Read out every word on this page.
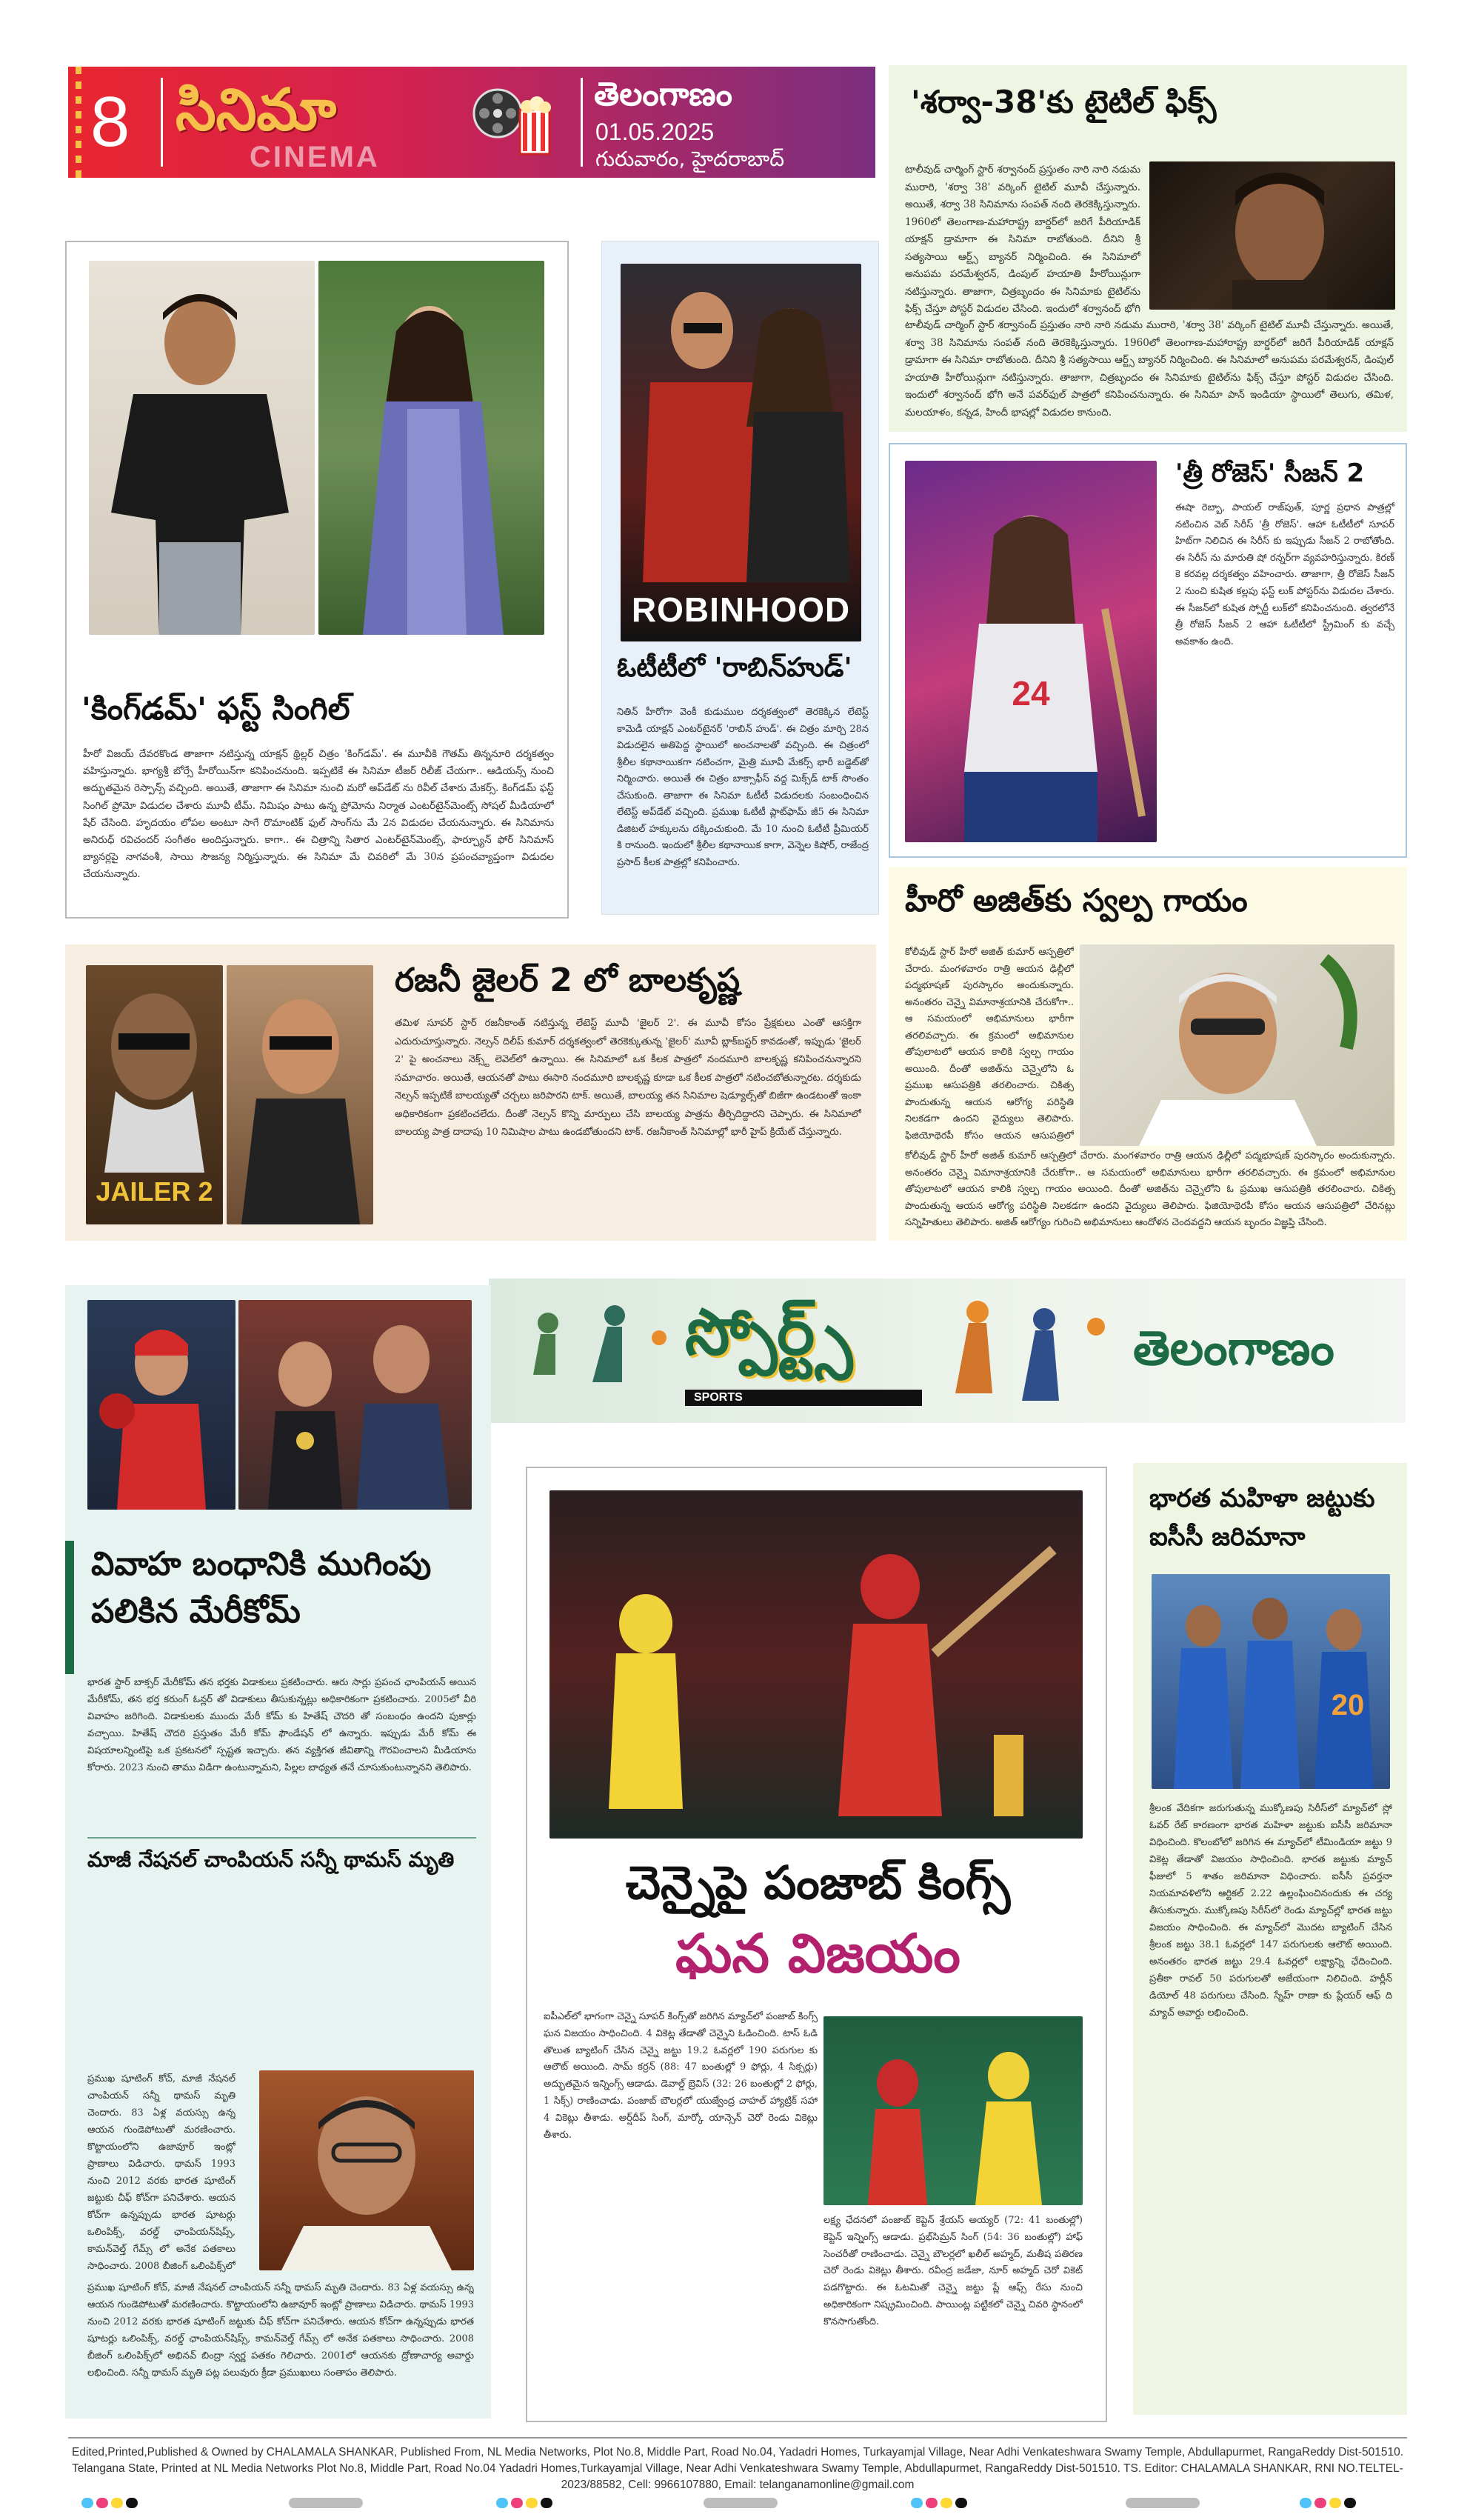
8 సినిమా
CINEMA
తెలంగాణం
01.05.2025
గురువారం, హైదరాబాద్
'శర్వా-38'కు టైటిల్ ఫిక్స్
టాలీవుడ్ చార్మింగ్ స్టార్ శర్వానంద్ ప్రస్తుతం నారి నారి నడుమ మురారి, 'శర్వా 38' వర్కింగ్ టైటిల్ మూవీ చేస్తున్నారు. అయితే, శర్వా 38 సినిమాను సంపత్ నంది తెరకెక్కిస్తున్నారు. 1960లో తెలంగాణ-మహారాష్ట్ర బార్డర్‌లో జరిగే పీరియాడిక్ యాక్షన్ డ్రామాగా ఈ సినిమా రాబోతుంది. దీనిని శ్రీ సత్యసాయి ఆర్ట్స్ బ్యానర్ నిర్మించింది. ఈ సినిమాలో అనుపమ పరమేశ్వరన్, డింపుల్ హయాతి హీరోయిన్లుగా నటిస్తున్నారు. తాజాగా, చిత్రబృందం ఈ సినిమాకు టైటిల్‌ను ఫిక్స్ చేస్తూ పోస్టర్ విడుదల చేసింది. ఇందులో శర్వానంద్ భోగి
టాలీవుడ్ చార్మింగ్ స్టార్ శర్వానంద్ ప్రస్తుతం నారి నారి నడుమ మురారి, 'శర్వా 38' వర్కింగ్ టైటిల్ మూవీ చేస్తున్నారు. అయితే, శర్వా 38 సినిమాను సంపత్ నంది తెరకెక్కిస్తున్నారు. 1960లో తెలంగాణ-మహారాష్ట్ర బార్డర్‌లో జరిగే పీరియాడిక్ యాక్షన్ డ్రామాగా ఈ సినిమా రాబోతుంది. దీనిని శ్రీ సత్యసాయి ఆర్ట్స్ బ్యానర్ నిర్మించింది. ఈ సినిమాలో అనుపమ పరమేశ్వరన్, డింపుల్ హయాతి హీరోయిన్లుగా నటిస్తున్నారు. తాజాగా, చిత్రబృందం ఈ సినిమాకు టైటిల్‌ను ఫిక్స్ చేస్తూ పోస్టర్ విడుదల చేసింది. ఇందులో శర్వానంద్ భోగి అనే పవర్‌ఫుల్ పాత్రలో కనిపించనున్నారు. ఈ సినిమా పాన్ ఇండియా స్థాయిలో తెలుగు, తమిళ, మలయాళం, కన్నడ, హిందీ భాషల్లో విడుదల కానుంది.
'కింగ్‌డమ్' ఫస్ట్ సింగిల్
హీరో విజయ్ దేవరకొండ తాజాగా నటిస్తున్న యాక్షన్ థ్రిల్లర్ చిత్రం 'కింగ్‌డమ్'. ఈ మూవీకి గౌతమ్ తిన్ననూరి దర్శకత్వం వహిస్తున్నారు. భాగ్యశ్రీ బోర్సే హీరోయిన్‌గా కనిపించనుంది. ఇప్పటికే ఈ సినిమా టీజర్ రిలీజ్ చేయగా.. ఆడియన్స్ నుంచి అద్భుతమైన రెస్పాన్స్ వచ్చింది. అయితే, తాజాగా ఈ సినిమా నుంచి మరో అప్‌డేట్ ను రివీల్ చేశారు మేకర్స్. కింగ్‌డమ్ ఫస్ట్ సింగిల్ ప్రోమో విడుదల చేశారు మూవీ టీమ్. నిమిషం పాటు ఉన్న ప్రోమోను నిర్మాత ఎంటర్‌టైన్‌మెంట్స్ సోషల్ మీడియాలో షేర్ చేసింది. హృదయం లోపల అంటూ సాగే రొమాంటిక్ ఫుల్ సాంగ్‌ను మే 2న విడుదల చేయనున్నారు. ఈ సినిమాను అనిరుధ్ రవిచందర్ సంగీతం అందిస్తున్నారు. కాగా.. ఈ చిత్రాన్ని సితార ఎంటర్‌టైన్‌మెంట్స్, ఫార్చ్యూన్ ఫోర్ సినిమాస్ బ్యానర్లపై నాగవంశీ, సాయి సౌజన్య నిర్మిస్తున్నారు. ఈ సినిమా మే చివరిలో మే 30న ప్రపంచవ్యాప్తంగా విడుదల చేయనున్నారు.
ROBINHOOD
ఓటీటీలో 'రాబిన్‌హుడ్'
నితిన్ హీరోగా వెంకీ కుడుముల దర్శకత్వంలో తెరకెక్కిన లేటెస్ట్ కామెడీ యాక్షన్ ఎంటర్‌టైనర్ 'రాబిన్ హుడ్'. ఈ చిత్రం మార్చి 28న విడుదలైన అతిపెద్ద స్థాయిలో అంచనాలతో వచ్చింది. ఈ చిత్రంలో శ్రీలీల కథానాయికగా నటించగా, మైత్రి మూవీ మేకర్స్ భారీ బడ్జెట్‌తో నిర్మించారు. అయితే ఈ చిత్రం బాక్సాఫీస్ వద్ద మిక్స్‌డ్ టాక్ సొంతం చేసుకుంది. తాజాగా ఈ సినిమా ఓటీటీ విడుదలకు సంబంధించిన లేటెస్ట్ అప్‌డేట్ వచ్చింది. ప్రముఖ ఓటీటీ ప్లాట్‌ఫామ్ జీ5 ఈ సినిమా డిజిటల్ హక్కులను దక్కించుకుంది. మే 10 నుంచి ఓటీటీ ప్రీమియర్ కి రానుంది. ఇందులో శ్రీలీల కథానాయిక కాగా, వెన్నెల కిషోర్, రాజేంద్ర ప్రసాద్ కీలక పాత్రల్లో కనిపించారు.
24
'త్రీ రోజెస్' సీజన్ 2
ఈషా రెబ్బా, పాయల్ రాజ్‌పుత్, పూర్ణ ప్రధాన పాత్రల్లో నటించిన వెబ్ సిరీస్ 'త్రీ రోజెస్'. ఆహా ఓటీటీలో సూపర్ హిట్‌గా నిలిచిన ఈ సిరీస్ కు ఇప్పుడు సీజన్ 2 రాబోతోంది. ఈ సిరీస్ ను మారుతి షో రన్నర్‌గా వ్యవహరిస్తున్నారు. కిరణ్ కె కరవల్ల దర్శకత్వం వహించారు. తాజాగా, త్రీ రోజెస్ సీజన్ 2 నుంచి కుషిత కల్లపు ఫస్ట్ లుక్ పోస్టర్‌ను విడుదల చేశారు. ఈ సీజన్‌లో కుషిత స్పోర్టీ లుక్‌లో కనిపించనుంది. త్వరలోనే త్రీ రోజెస్ సీజన్ 2 ఆహా ఓటీటీలో స్ట్రీమింగ్ కు వచ్చే అవకాశం ఉంది.
JAILER 2
రజనీ జైలర్ 2 లో బాలకృష్ణ
తమిళ సూపర్ స్టార్ రజనీకాంత్ నటిస్తున్న లేటెస్ట్ మూవీ 'జైలర్ 2'. ఈ మూవీ కోసం ప్రేక్షకులు ఎంతో ఆసక్తిగా ఎదురుచూస్తున్నారు. నెల్సన్ దిలీప్ కుమార్ దర్శకత్వంలో తెరకెక్కుతున్న 'జైలర్' మూవీ బ్లాక్‌బస్టర్ కావడంతో, ఇప్పుడు 'జైలర్ 2' పై అంచనాలు నెక్స్ట్ లెవెల్‌లో ఉన్నాయి. ఈ సినిమాలో ఒక కీలక పాత్రలో నందమూరి బాలకృష్ణ కనిపించనున్నారని సమాచారం. అయితే, ఆయనతో పాటు ఈసారి నందమూరి బాలకృష్ణ కూడా ఒక కీలక పాత్రలో నటించబోతున్నారట. దర్శకుడు నెల్సన్ ఇప్పటికే బాలయ్యతో చర్చలు జరిపారని టాక్. అయితే, బాలయ్య తన సినిమాల షెడ్యూల్స్‌తో బిజీగా ఉండటంతో ఇంకా అధికారికంగా ప్రకటించలేదు. దీంతో నెల్సన్ కొన్ని మార్పులు చేసి బాలయ్య పాత్రను తీర్చిదిద్దారని చెప్పారు. ఈ సినిమాలో బాలయ్య పాత్ర దాదాపు 10 నిమిషాల పాటు ఉండబోతుందని టాక్. రజనీకాంత్ సినిమాల్లో భారీ హైప్ క్రియేట్ చేస్తున్నారు.
హీరో అజిత్‌కు స్వల్ప గాయం
కోలీవుడ్ స్టార్ హీరో అజిత్ కుమార్ ఆస్పత్రిలో చేరారు. మంగళవారం రాత్రి ఆయన ఢిల్లీలో పద్మభూషణ్ పురస్కారం అందుకున్నారు. అనంతరం చెన్నై విమానాశ్రయానికి చేరుకోగా.. ఆ సమయంలో అభిమానులు భారీగా తరలివచ్చారు. ఈ క్రమంలో అభిమానుల తోపులాటలో ఆయన కాలికి స్వల్ప గాయం అయింది. దీంతో అజిత్‌ను చెన్నైలోని ఓ ప్రముఖ ఆసుపత్రికి తరలించారు. చికిత్స పొందుతున్న ఆయన ఆరోగ్య పరిస్థితి నిలకడగా ఉందని వైద్యులు తెలిపారు. ఫిజియోథెరపీ కోసం ఆయన ఆసుపత్రిలో
కోలీవుడ్ స్టార్ హీరో అజిత్ కుమార్ ఆస్పత్రిలో చేరారు. మంగళవారం రాత్రి ఆయన ఢిల్లీలో పద్మభూషణ్ పురస్కారం అందుకున్నారు. అనంతరం చెన్నై విమానాశ్రయానికి చేరుకోగా.. ఆ సమయంలో అభిమానులు భారీగా తరలివచ్చారు. ఈ క్రమంలో అభిమానుల తోపులాటలో ఆయన కాలికి స్వల్ప గాయం అయింది. దీంతో అజిత్‌ను చెన్నైలోని ఓ ప్రముఖ ఆసుపత్రికి తరలించారు. చికిత్స పొందుతున్న ఆయన ఆరోగ్య పరిస్థితి నిలకడగా ఉందని వైద్యులు తెలిపారు. ఫిజియోథెరపీ కోసం ఆయన ఆసుపత్రిలో చేరినట్లు సన్నిహితులు తెలిపారు. అజిత్ ఆరోగ్యం గురించి అభిమానులు ఆందోళన చెందవద్దని ఆయన బృందం విజ్ఞప్తి చేసింది.
స్పోర్ట్స్
SPORTS
తెలంగాణం
వివాహ బంధానికి ముగింపు పలికిన మేరీకోమ్
భారత స్టార్ బాక్సర్ మేరీకోమ్ తన భర్తకు విడాకులు ప్రకటించారు. ఆరు సార్లు ప్రపంచ ఛాంపియన్ అయిన మేరీకోమ్, తన భర్త కరుంగ్ ఓన్లర్ తో విడాకులు తీసుకున్నట్లు అధికారికంగా ప్రకటించారు. 2005లో వీరి వివాహం జరిగింది. విడాకులకు ముందు మేరీ కోమ్ కు హితేష్ చౌదరి తో సంబంధం ఉందని పుకార్లు వచ్చాయి. హితేష్ చౌదరి ప్రస్తుతం మేరీ కోమ్ ఫౌండేషన్ లో ఉన్నారు. ఇప్పుడు మేరీ కోమ్ ఈ విషయాలన్నింటిపై ఒక ప్రకటనలో స్పష్టత ఇచ్చారు. తన వ్యక్తిగత జీవితాన్ని గౌరవించాలని మీడియాను కోరారు. 2023 నుంచి తాము విడిగా ఉంటున్నామని, పిల్లల బాధ్యత తనే చూసుకుంటున్నానని తెలిపారు.
మాజీ నేషనల్ చాంపియన్ సన్నీ థామస్ మృతి
ప్రముఖ షూటింగ్ కోచ్, మాజీ నేషనల్ చాంపియన్ సన్నీ థామస్ మృతి చెందారు. 83 ఏళ్ల వయస్సు ఉన్న ఆయన గుండెపోటుతో మరణించారు. కొట్టాయంలోని ఉజావూర్ ఇంట్లో ప్రాణాలు విడిచారు. థామస్ 1993 నుంచి 2012 వరకు భారత షూటింగ్ జట్టుకు చీఫ్ కోచ్‌గా పనిచేశారు. ఆయన కోచ్‌గా ఉన్నప్పుడు భారత షూటర్లు ఒలింపిక్స్, వరల్డ్ ఛాంపియన్‌షిప్స్, కామన్‌వెల్త్ గేమ్స్ లో అనేక పతకాలు సాధించారు. 2008 బీజింగ్ ఒలింపిక్స్‌లో
ప్రముఖ షూటింగ్ కోచ్, మాజీ నేషనల్ చాంపియన్ సన్నీ థామస్ మృతి చెందారు. 83 ఏళ్ల వయస్సు ఉన్న ఆయన గుండెపోటుతో మరణించారు. కొట్టాయంలోని ఉజావూర్ ఇంట్లో ప్రాణాలు విడిచారు. థామస్ 1993 నుంచి 2012 వరకు భారత షూటింగ్ జట్టుకు చీఫ్ కోచ్‌గా పనిచేశారు. ఆయన కోచ్‌గా ఉన్నప్పుడు భారత షూటర్లు ఒలింపిక్స్, వరల్డ్ ఛాంపియన్‌షిప్స్, కామన్‌వెల్త్ గేమ్స్ లో అనేక పతకాలు సాధించారు. 2008 బీజింగ్ ఒలింపిక్స్‌లో అభినవ్ బింద్రా స్వర్ణ పతకం గెలిచారు. 2001లో ఆయనకు ద్రోణాచార్య అవార్డు లభించింది. సన్నీ థామస్ మృతి పట్ల పలువురు క్రీడా ప్రముఖులు సంతాపం తెలిపారు.
చెన్నైపై పంజాబ్ కింగ్స్
ఘన విజయం
ఐపీఎల్‌లో భాగంగా చెన్నై సూపర్ కింగ్స్‌తో జరిగిన మ్యాచ్‌లో పంజాబ్ కింగ్స్ ఘన విజయం సాధించింది. 4 వికెట్ల తేడాతో చెన్నైని ఓడించింది. టాస్ ఓడి తొలుత బ్యాటింగ్ చేసిన చెన్నై జట్టు 19.2 ఓవర్లలో 190 పరుగుల కు ఆలౌట్ అయింది. సామ్ కర్రన్ (88: 47 బంతుల్లో 9 ఫోర్లు, 4 సిక్సర్లు) అద్భుతమైన ఇన్నింగ్స్ ఆడాడు. డెవాల్డ్ బ్రెవిస్ (32: 26 బంతుల్లో 2 ఫోర్లు, 1 సిక్స్) రాణించాడు. పంజాబ్ బౌలర్లలో యుజ్వేంద్ర చాహల్ హ్యాట్రిక్ సహా 4 వికెట్లు తీశాడు. అర్ష్‌దీప్ సింగ్, మార్కో యాన్సెన్ చెరో రెండు వికెట్లు తీశారు.
లక్ష్య ఛేదనలో పంజాబ్ కెప్టెన్ శ్రేయస్ అయ్యర్ (72: 41 బంతుల్లో) కెప్టెన్ ఇన్నింగ్స్ ఆడాడు. ప్రభ్‌సిమ్రన్ సింగ్ (54: 36 బంతుల్లో) హాఫ్ సెంచరీతో రాణించాడు. చెన్నై బౌలర్లలో ఖలీల్ అహ్మద్, మతీష పతిరణ చెరో రెండు వికెట్లు తీశారు. రవీంద్ర జడేజా, నూర్ అహ్మద్ చెరో వికెట్ పడగొట్టారు. ఈ ఓటమితో చెన్నై జట్టు ప్లే ఆఫ్స్ రేసు నుంచి అధికారికంగా నిష్క్రమించింది. పాయింట్ల పట్టికలో చెన్నై చివరి స్థానంలో కొనసాగుతోంది.
భారత మహిళా జట్టుకు ఐసీసీ జరిమానా
20
శ్రీలంక వేదికగా జరుగుతున్న ముక్కోణపు సిరీస్‌లో మ్యాచ్‌లో స్లో ఓవర్ రేట్ కారణంగా భారత మహిళా జట్టుకు ఐసీసీ జరిమానా విధించింది. కొలంబోలో జరిగిన ఈ మ్యాచ్‌లో టీమిండియా జట్టు 9 వికెట్ల తేడాతో విజయం సాధించింది. భారత జట్టుకు మ్యాచ్ ఫీజులో 5 శాతం జరిమానా విధించారు. ఐసీసీ ప్రవర్తనా నియమావళిలోని ఆర్టికల్ 2.22 ఉల్లంఘించినందుకు ఈ చర్య తీసుకున్నారు. ముక్కోణపు సిరీస్‌లో రెండు మ్యాచ్‌ల్లో భారత జట్టు విజయం సాధించింది. ఈ మ్యాచ్‌లో మొదట బ్యాటింగ్ చేసిన శ్రీలంక జట్టు 38.1 ఓవర్లలో 147 పరుగులకు ఆలౌట్ అయింది. అనంతరం భారత జట్టు 29.4 ఓవర్లలో లక్ష్యాన్ని ఛేదించింది. ప్రతీకా రావల్ 50 పరుగులతో అజేయంగా నిలిచింది. హర్లీన్ డియోల్ 48 పరుగులు చేసింది. స్నేహ్ రాణా కు ప్లేయర్ ఆఫ్ ది మ్యాచ్ అవార్డు లభించింది.
Edited,Printed,Published & Owned by CHALAMALA SHANKAR, Published From, NL Media Networks, Plot No.8, Middle Part, Road No.04, Yadadri Homes, Turkayamjal Village, Near Adhi Venkateshwara Swamy Temple, Abdullapurmet, RangaReddy Dist-501510. Telangana State, Printed at NL Media Networks Plot No.8, Middle Part, Road No.04 Yadadri Homes,Turkayamjal Village, Near Adhi Venkateshwara Swamy Temple, Abdullapurmet, RangaReddy Dist-501510. TS. Editor: CHALAMALA SHANKAR, RNI NO.TELTEL-2023/88582, Cell: 9966107880, Email: telanganamonline@gmail.com
